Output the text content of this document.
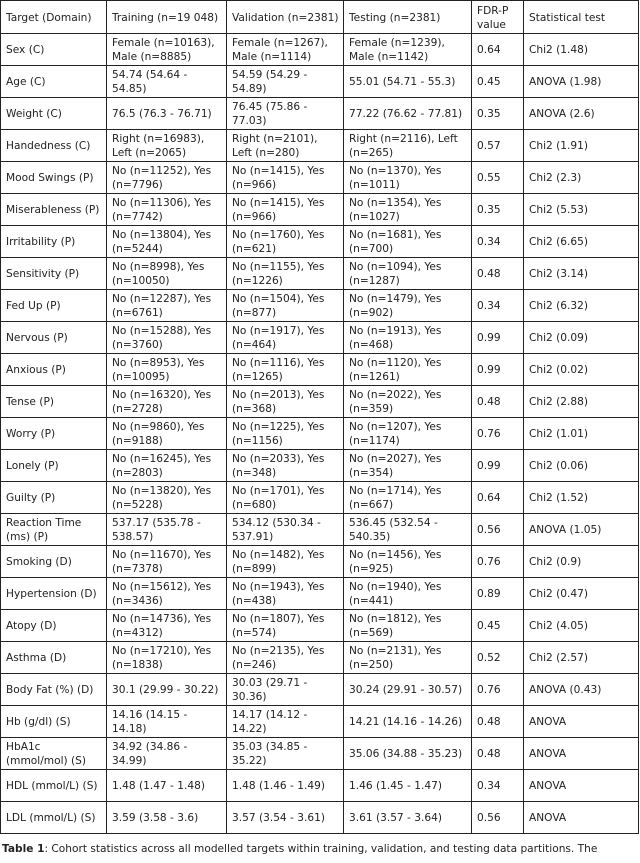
Target (Domain)	Training (n=19 048)	Validation (n=2381)	Testing (n=2381)	FDR-P value	Statistical test
Sex (C)	Female (n=10163), Male (n=8885)	Female (n=1267), Male (n=1114)	Female (n=1239), Male (n=1142)	0.64	Chi2 (1.48)
Age (C)	54.74 (54.64 - 54.85)	54.59 (54.29 - 54.89)	55.01 (54.71 - 55.3)	0.45	ANOVA (1.98)
Weight (C)	76.5 (76.3 - 76.71)	76.45 (75.86 - 77.03)	77.22 (76.62 - 77.81)	0.35	ANOVA (2.6)
Handedness (C)	Right (n=16983), Left (n=2065)	Right (n=2101), Left (n=280)	Right (n=2116), Left (n=265)	0.57	Chi2 (1.91)
Mood Swings (P)	No (n=11252), Yes (n=7796)	No (n=1415), Yes (n=966)	No (n=1370), Yes (n=1011)	0.55	Chi2 (2.3)
Miserableness (P)	No (n=11306), Yes (n=7742)	No (n=1415), Yes (n=966)	No (n=1354), Yes (n=1027)	0.35	Chi2 (5.53)
Irritability (P)	No (n=13804), Yes (n=5244)	No (n=1760), Yes (n=621)	No (n=1681), Yes (n=700)	0.34	Chi2 (6.65)
Sensitivity (P)	No (n=8998), Yes (n=10050)	No (n=1155), Yes (n=1226)	No (n=1094), Yes (n=1287)	0.48	Chi2 (3.14)
Fed Up (P)	No (n=12287), Yes (n=6761)	No (n=1504), Yes (n=877)	No (n=1479), Yes (n=902)	0.34	Chi2 (6.32)
Nervous (P)	No (n=15288), Yes (n=3760)	No (n=1917), Yes (n=464)	No (n=1913), Yes (n=468)	0.99	Chi2 (0.09)
Anxious (P)	No (n=8953), Yes (n=10095)	No (n=1116), Yes (n=1265)	No (n=1120), Yes (n=1261)	0.99	Chi2 (0.02)
Tense (P)	No (n=16320), Yes (n=2728)	No (n=2013), Yes (n=368)	No (n=2022), Yes (n=359)	0.48	Chi2 (2.88)
Worry (P)	No (n=9860), Yes (n=9188)	No (n=1225), Yes (n=1156)	No (n=1207), Yes (n=1174)	0.76	Chi2 (1.01)
Lonely (P)	No (n=16245), Yes (n=2803)	No (n=2033), Yes (n=348)	No (n=2027), Yes (n=354)	0.99	Chi2 (0.06)
Guilty (P)	No (n=13820), Yes (n=5228)	No (n=1701), Yes (n=680)	No (n=1714), Yes (n=667)	0.64	Chi2 (1.52)
Reaction Time (ms) (P)	537.17 (535.78 - 538.57)	534.12 (530.34 - 537.91)	536.45 (532.54 - 540.35)	0.56	ANOVA (1.05)
Smoking (D)	No (n=11670), Yes (n=7378)	No (n=1482), Yes (n=899)	No (n=1456), Yes (n=925)	0.76	Chi2 (0.9)
Hypertension (D)	No (n=15612), Yes (n=3436)	No (n=1943), Yes (n=438)	No (n=1940), Yes (n=441)	0.89	Chi2 (0.47)
Atopy (D)	No (n=14736), Yes (n=4312)	No (n=1807), Yes (n=574)	No (n=1812), Yes (n=569)	0.45	Chi2 (4.05)
Asthma (D)	No (n=17210), Yes (n=1838)	No (n=2135), Yes (n=246)	No (n=2131), Yes (n=250)	0.52	Chi2 (2.57)
Body Fat (%) (D)	30.1 (29.99 - 30.22)	30.03 (29.71 - 30.36)	30.24 (29.91 - 30.57)	0.76	ANOVA (0.43)
Hb (g/dl) (S)	14.16 (14.15 - 14.18)	14.17 (14.12 - 14.22)	14.21 (14.16 - 14.26)	0.48	ANOVA
HbA1c (mmol/mol) (S)	34.92 (34.86 - 34.99)	35.03 (34.85 - 35.22)	35.06 (34.88 - 35.23)	0.48	ANOVA
HDL (mmol/L) (S)	1.48 (1.47 - 1.48)	1.48 (1.46 - 1.49)	1.46 (1.45 - 1.47)	0.34	ANOVA
LDL (mmol/L) (S)	3.59 (3.58 - 3.6)	3.57 (3.54 - 3.61)	3.61 (3.57 - 3.64)	0.56	ANOVA
Table 1: Cohort statistics across all modelled targets within training, validation, and testing data partitions. The
